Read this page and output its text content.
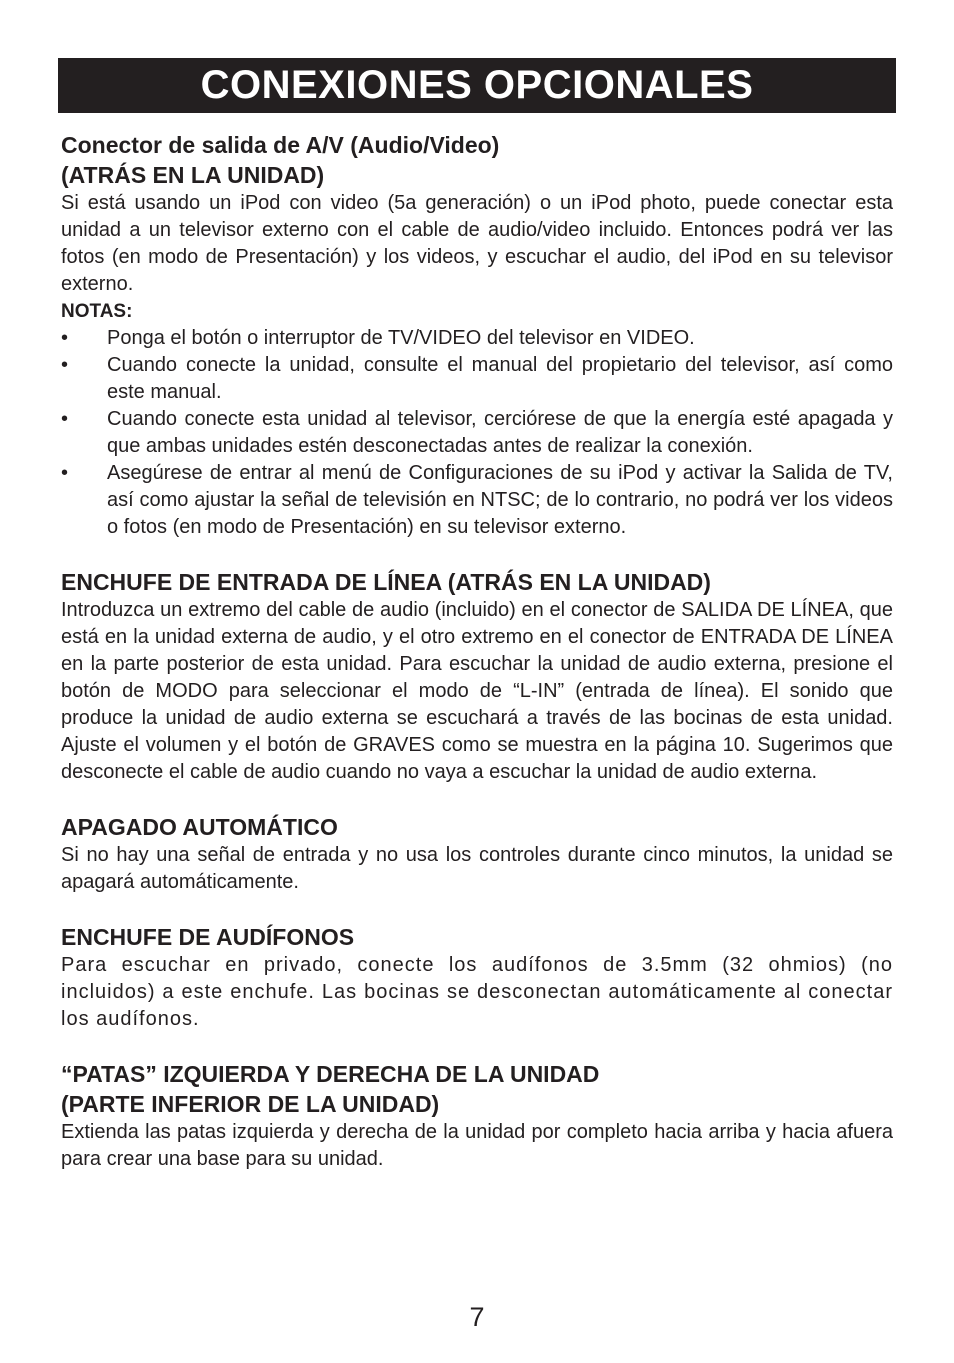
CONEXIONES OPCIONALES

Conector de salida de A/V (Audio/Video)

(ATRÁS EN LA UNIDAD)

Si está usando un iPod con video (5a generación) o un iPod photo, puede conectar esta unidad a un televisor externo con el cable de audio/video incluido. Entonces podrá ver las fotos (en modo de Presentación) y los videos, y escuchar el audio, del iPod en su televisor externo.

NOTAS:

• Ponga el botón o interruptor de TV/VIDEO del televisor en VIDEO.
• Cuando conecte la unidad, consulte el manual del propietario del televisor, así como este manual.
• Cuando conecte esta unidad al televisor, cerciórese de que la energía esté apagada y que ambas unidades estén desconectadas antes de realizar la conexión.
• Asegúrese de entrar al menú de Configuraciones de su iPod y activar la Salida de TV, así como ajustar la señal de televisión en NTSC; de lo contrario, no podrá ver los videos o fotos (en modo de Presentación) en su televisor externo.

ENCHUFE DE ENTRADA DE LÍNEA (ATRÁS EN LA UNIDAD)

Introduzca un extremo del cable de audio (incluido) en el conector de SALIDA DE LÍNEA, que está en la unidad externa de audio, y el otro extremo en el conector de ENTRADA DE LÍNEA en la parte posterior de esta unidad. Para escuchar la unidad de audio externa, presione el botón de MODO para seleccionar el modo de “L-IN” (entrada de línea). El sonido que produce la unidad de audio externa se escuchará a través de las bocinas de esta unidad. Ajuste el volumen y el botón de GRAVES como se muestra en la página 10. Sugerimos que desconecte el cable de audio cuando no vaya a escuchar la unidad de audio externa.

APAGADO AUTOMÁTICO

Si no hay una señal de entrada y no usa los controles durante cinco minutos, la unidad se apagará automáticamente.

ENCHUFE DE AUDÍFONOS

Para escuchar en privado, conecte los audífonos de 3.5mm (32 ohmios) (no incluidos) a este enchufe. Las bocinas se desconectan automáticamente al conectar los audífonos.

“PATAS” IZQUIERDA Y DERECHA DE LA UNIDAD

(PARTE INFERIOR DE LA UNIDAD)

Extienda las patas izquierda y derecha de la unidad por completo hacia arriba y hacia afuera para crear una base para su unidad.

7
